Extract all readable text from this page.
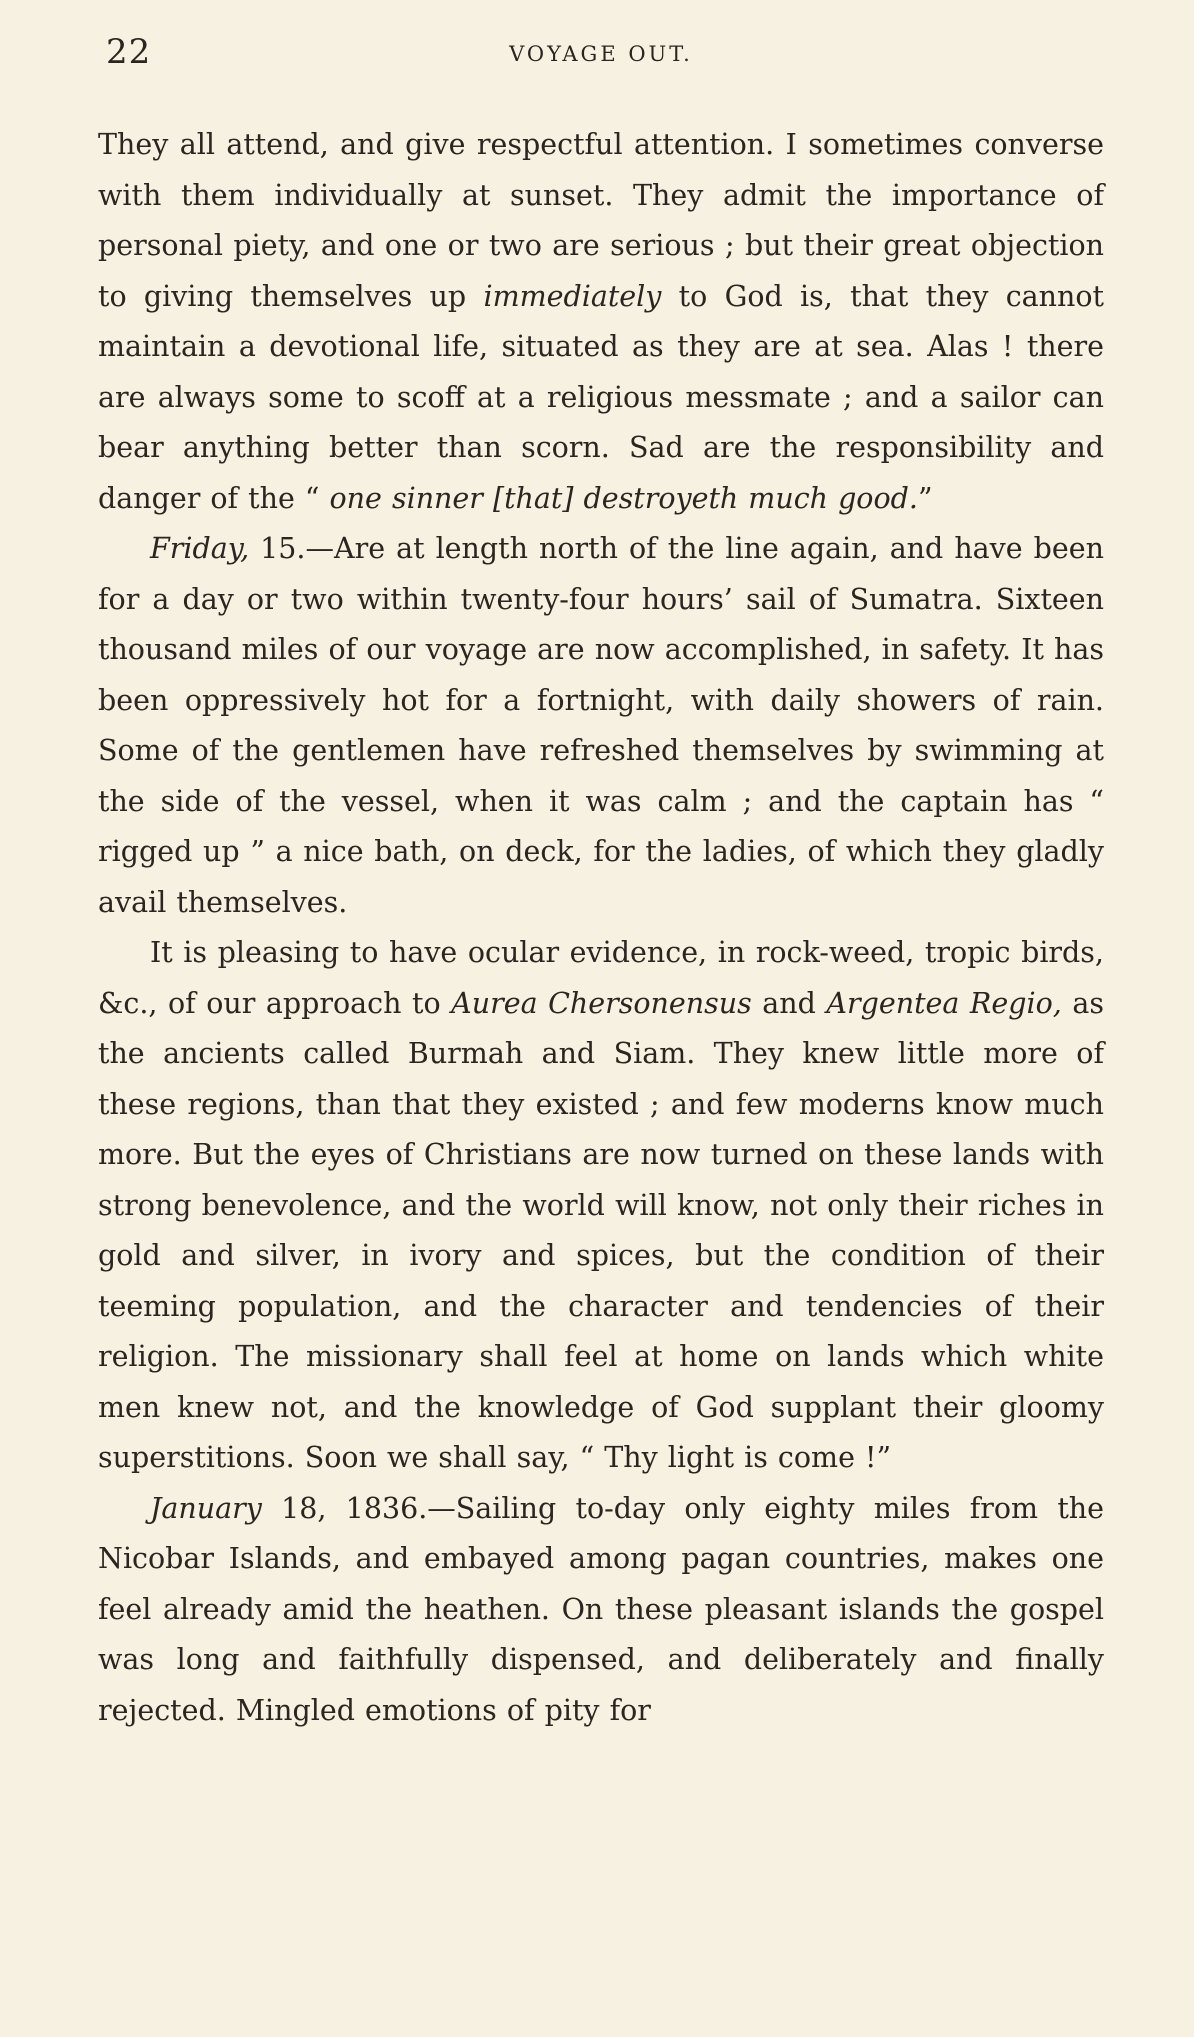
22	VOYAGE OUT.

They all attend, and give respectful attention. I sometimes converse with them individually at sunset. They admit the importance of personal piety, and one or two are serious ; but their great objection to giving themselves up immediately to God is, that they cannot maintain a devotional life, situated as they are at sea. Alas ! there are always some to scoff at a religious messmate ; and a sailor can bear anything better than scorn. Sad are the responsibility and danger of the “ one sinner [that] destroyeth much good.”

Friday, 15.—Are at length north of the line again, and have been for a day or two within twenty-four hours’ sail of Sumatra. Sixteen thousand miles of our voyage are now accomplished, in safety. It has been oppressively hot for a fortnight, with daily showers of rain. Some of the gentlemen have refreshed themselves by swimming at the side of the vessel, when it was calm ; and the captain has “ rigged up ” a nice bath, on deck, for the ladies, of which they gladly avail themselves.

It is pleasing to have ocular evidence, in rock-weed, tropic birds, &c., of our approach to Aurea Chersonensus and Argentea Regio, as the ancients called Burmah and Siam. They knew little more of these regions, than that they existed ; and few moderns know much more. But the eyes of Christians are now turned on these lands with strong benevolence, and the world will know, not only their riches in gold and silver, in ivory and spices, but the condition of their teeming population, and the character and tendencies of their religion. The missionary shall feel at home on lands which white men knew not, and the knowledge of God supplant their gloomy superstitions. Soon we shall say, “ Thy light is come !”

January 18, 1836.—Sailing to-day only eighty miles from the Nicobar Islands, and embayed among pagan countries, makes one feel already amid the heathen. On these pleasant islands the gospel was long and faithfully dispensed, and deliberately and finally rejected. Mingled emotions of pity for
